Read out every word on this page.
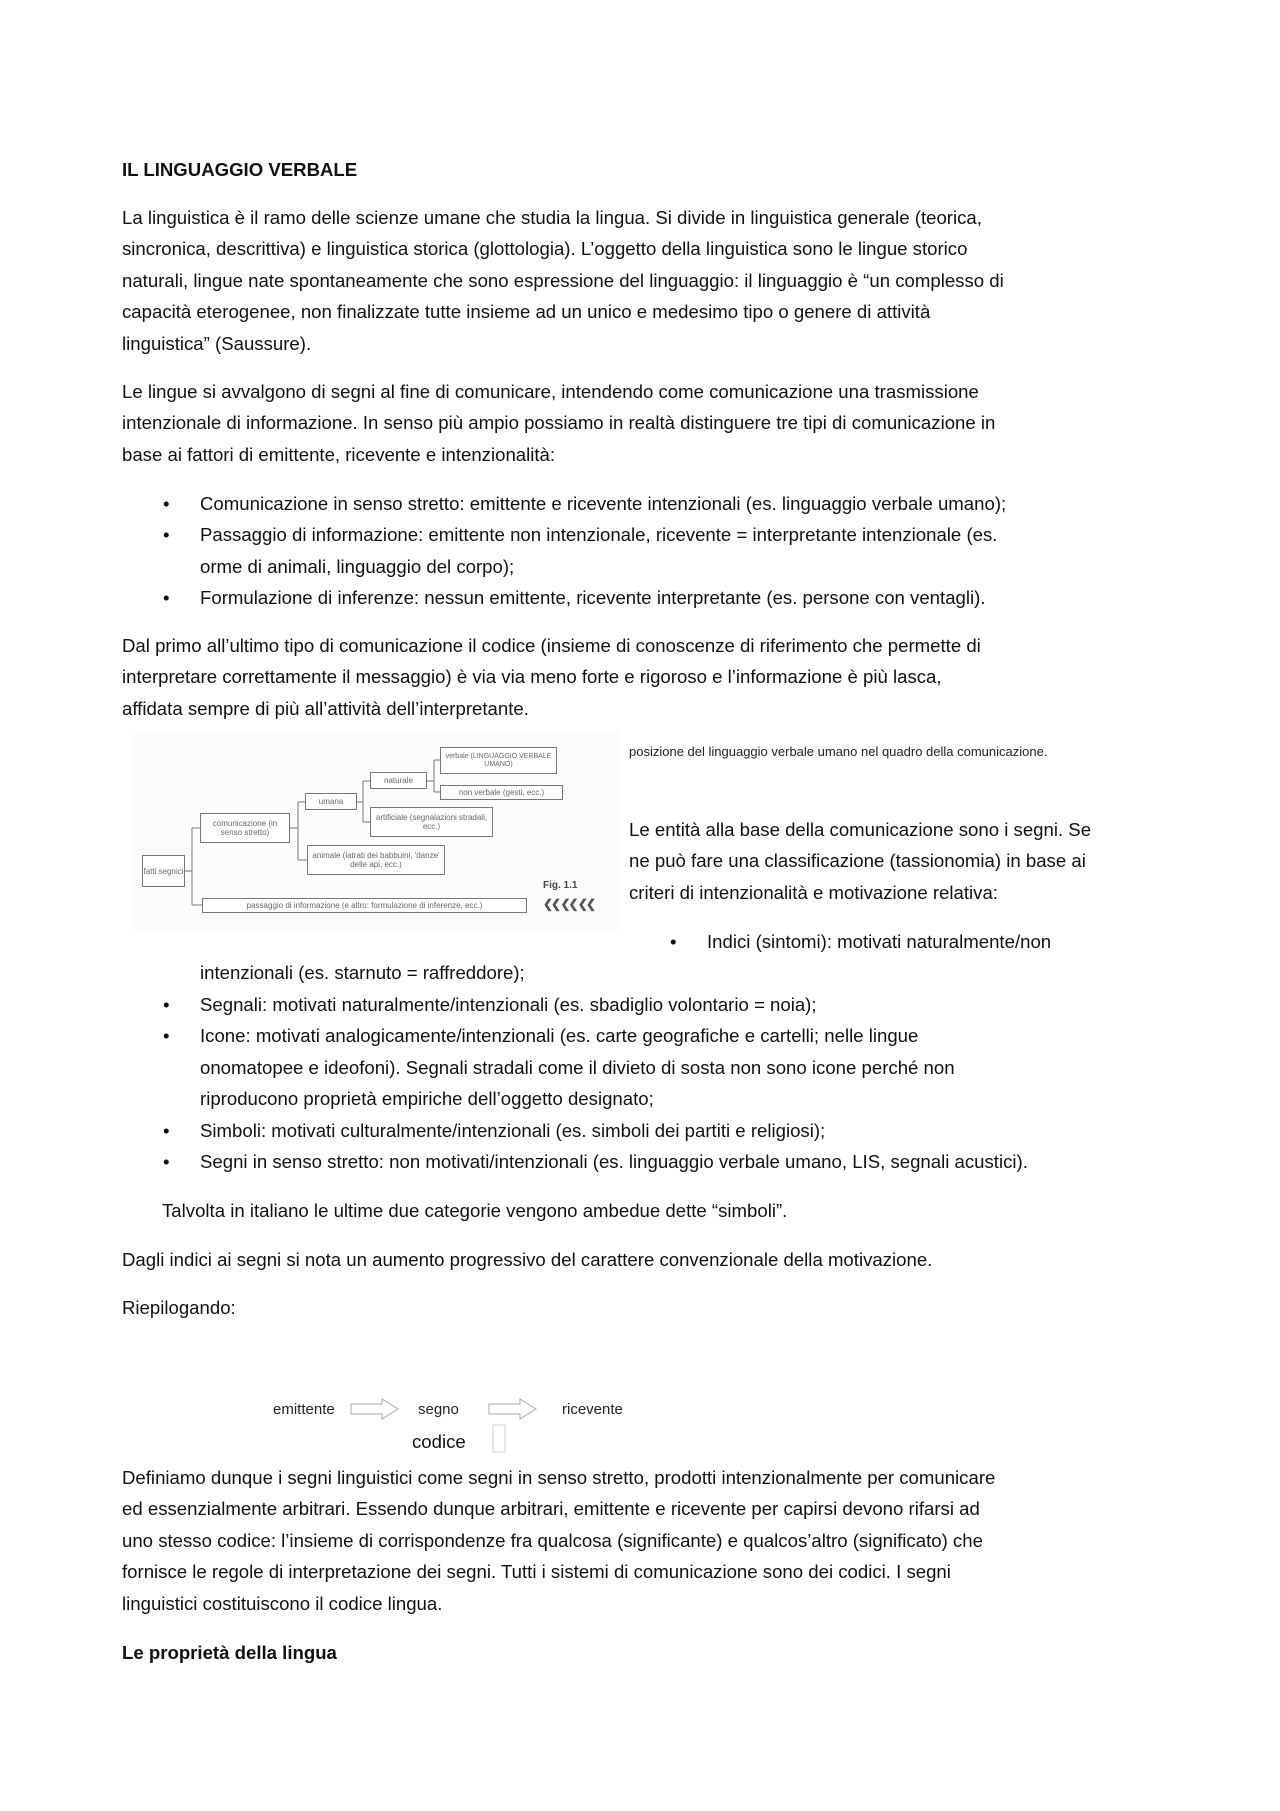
IL LINGUAGGIO VERBALE
La linguistica è il ramo delle scienze umane che studia la lingua. Si divide in linguistica generale (teorica,
sincronica, descrittiva) e linguistica storica (glottologia). L’oggetto della linguistica sono le lingue storico
naturali, lingue nate spontaneamente che sono espressione del linguaggio: il linguaggio è “un complesso di
capacità eterogenee, non finalizzate tutte insieme ad un unico e medesimo tipo o genere di attività
linguistica” (Saussure).
Le lingue si avvalgono di segni al fine di comunicare, intendendo come comunicazione una trasmissione
intenzionale di informazione. In senso più ampio possiamo in realtà distinguere tre tipi di comunicazione in
base ai fattori di emittente, ricevente e intenzionalità:
• Comunicazione in senso stretto: emittente e ricevente intenzionali (es. linguaggio verbale umano);
• Passaggio di informazione: emittente non intenzionale, ricevente = interpretante intenzionale (es.
orme di animali, linguaggio del corpo);
• Formulazione di inferenze: nessun emittente, ricevente interpretante (es. persone con ventagli).
Dal primo all’ultimo tipo di comunicazione il codice (insieme di conoscenze di riferimento che permette di
interpretare correttamente il messaggio) è via via meno forte e rigoroso e l’informazione è più lasca,
affidata sempre di più all’attività dell’interpretante.
fatti segnici
comunicazione (in senso stretto)
umana
naturale
verbale (LINGUAGGIO VERBALE UMANO)
non verbale (gesti, ecc.)
artificiale (segnalazioni stradali, ecc.)
animale (latrati dei babbuini, 'danze' delle api, ecc.)
passaggio di informazione (e altro: formulazione di inferenze, ecc.)
Fig. 1.1
❮❮ ❮❮ ❮❮
posizione del linguaggio verbale umano nel quadro della comunicazione.
Le entità alla base della comunicazione sono i segni. Se
ne può fare una classificazione (tassionomia) in base ai
criteri di intenzionalità e motivazione relativa:
• Indici (sintomi): motivati naturalmente/non
intenzionali (es. starnuto = raffreddore);
• Segnali: motivati naturalmente/intenzionali (es. sbadiglio volontario = noia);
• Icone: motivati analogicamente/intenzionali (es. carte geografiche e cartelli; nelle lingue
onomatopee e ideofoni). Segnali stradali come il divieto di sosta non sono icone perché non
riproducono proprietà empiriche dell’oggetto designato;
• Simboli: motivati culturalmente/intenzionali (es. simboli dei partiti e religiosi);
• Segni in senso stretto: non motivati/intenzionali (es. linguaggio verbale umano, LIS, segnali acustici).
Talvolta in italiano le ultime due categorie vengono ambedue dette “simboli”.
Dagli indici ai segni si nota un aumento progressivo del carattere convenzionale della motivazione.
Riepilogando:
emittente	segno	ricevente
codice
Definiamo dunque i segni linguistici come segni in senso stretto, prodotti intenzionalmente per comunicare
ed essenzialmente arbitrari. Essendo dunque arbitrari, emittente e ricevente per capirsi devono rifarsi ad
uno stesso codice: l’insieme di corrispondenze fra qualcosa (significante) e qualcos’altro (significato) che
fornisce le regole di interpretazione dei segni. Tutti i sistemi di comunicazione sono dei codici. I segni
linguistici costituiscono il codice lingua.
Le proprietà della lingua
